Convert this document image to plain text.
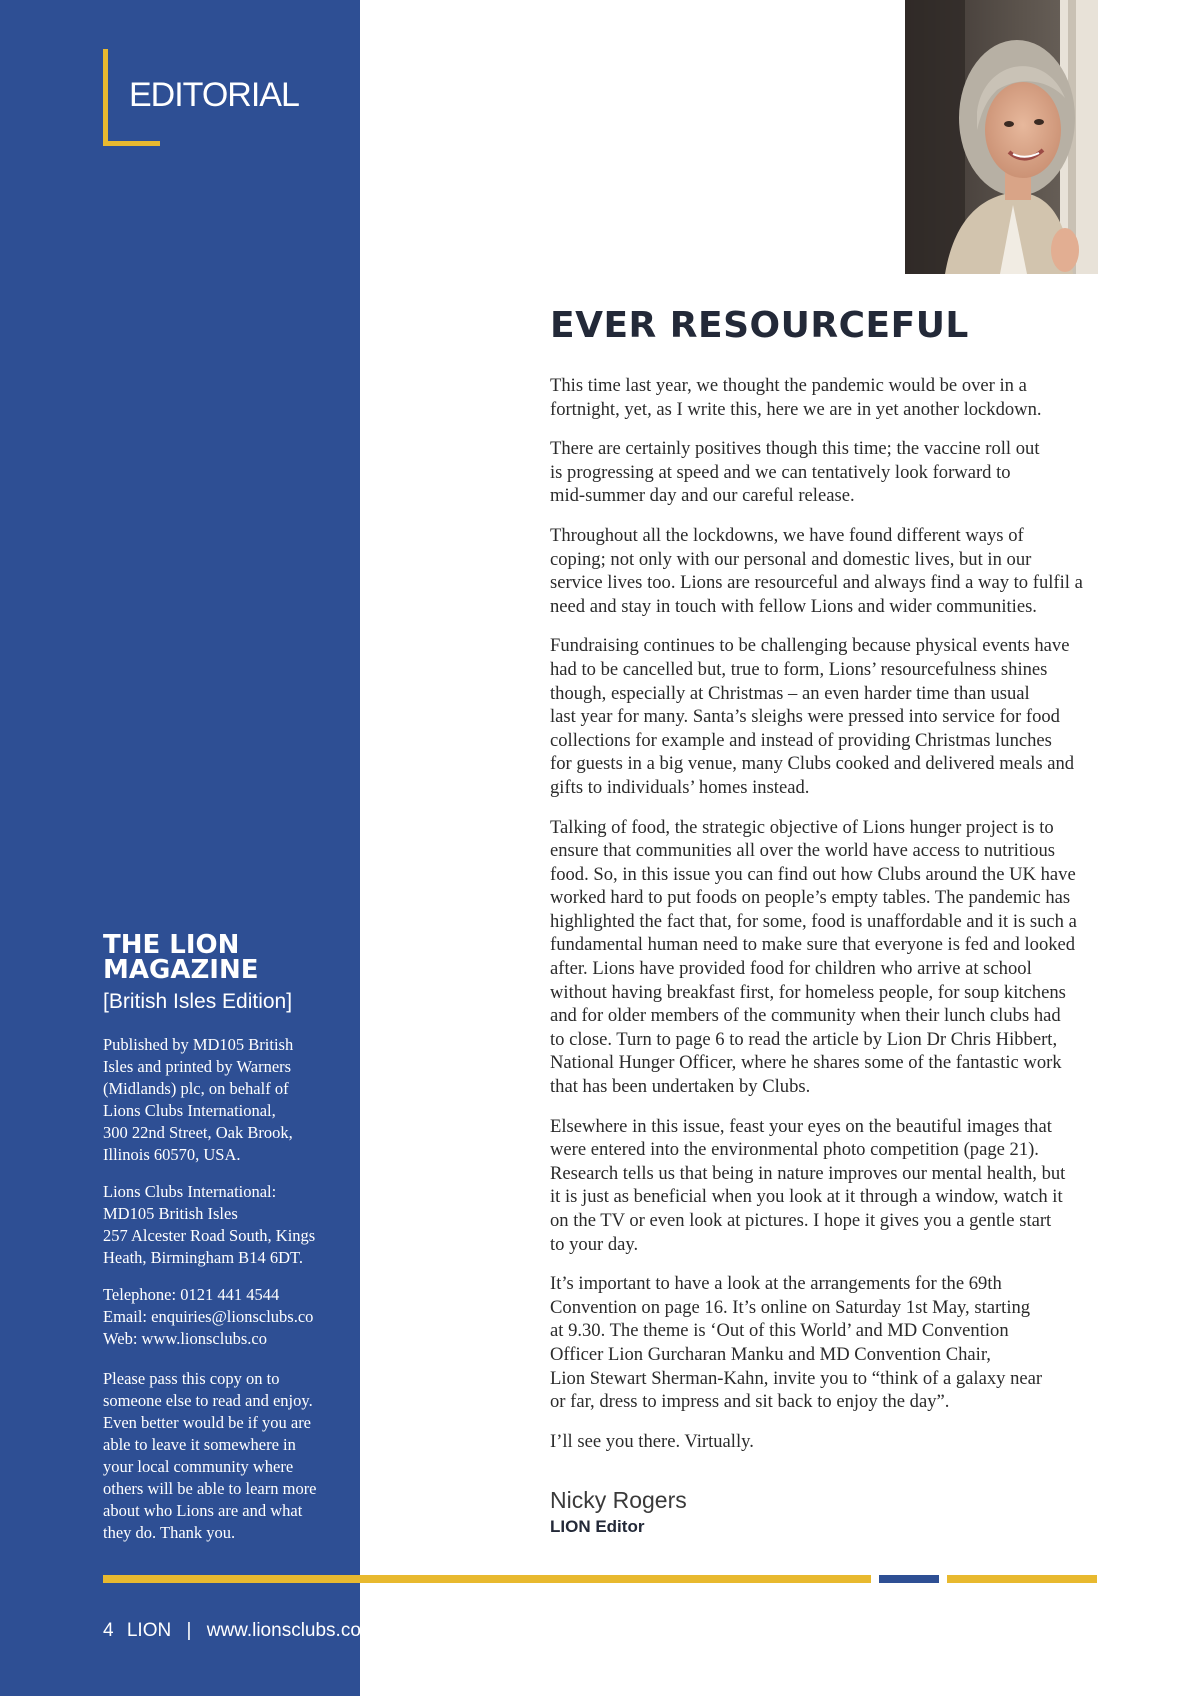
EDITORIAL
THE LION
MAGAZINE
[British Isles Edition]
Published by MD105 British
Isles and printed by Warners
(Midlands) plc, on behalf of
Lions Clubs International,
300 22nd Street, Oak Brook,
Illinois 60570, USA.
Lions Clubs International:
MD105 British Isles
257 Alcester Road South, Kings
Heath, Birmingham B14 6DT.
Telephone: 0121 441 4544
Email: enquiries@lionsclubs.co
Web: www.lionsclubs.co
Please pass this copy on to
someone else to read and enjoy.
Even better would be if you are
able to leave it somewhere in
your local community where
others will be able to learn more
about who Lions are and what
they do. Thank you.
4 LION | www.lionsclubs.co
EVER RESOURCEFUL

This time last year, we thought the pandemic would be over in a
fortnight, yet, as I write this, here we are in yet another lockdown.

There are certainly positives though this time; the vaccine roll out
is progressing at speed and we can tentatively look forward to
mid-summer day and our careful release.

Throughout all the lockdowns, we have found different ways of
coping; not only with our personal and domestic lives, but in our
service lives too. Lions are resourceful and always find a way to fulfil a
need and stay in touch with fellow Lions and wider communities.

Fundraising continues to be challenging because physical events have
had to be cancelled but, true to form, Lions’ resourcefulness shines
though, especially at Christmas – an even harder time than usual
last year for many. Santa’s sleighs were pressed into service for food
collections for example and instead of providing Christmas lunches
for guests in a big venue, many Clubs cooked and delivered meals and
gifts to individuals’ homes instead.

Talking of food, the strategic objective of Lions hunger project is to
ensure that communities all over the world have access to nutritious
food. So, in this issue you can find out how Clubs around the UK have
worked hard to put foods on people’s empty tables. The pandemic has
highlighted the fact that, for some, food is unaffordable and it is such a
fundamental human need to make sure that everyone is fed and looked
after. Lions have provided food for children who arrive at school
without having breakfast first, for homeless people, for soup kitchens
and for older members of the community when their lunch clubs had
to close. Turn to page 6 to read the article by Lion Dr Chris Hibbert,
National Hunger Officer, where he shares some of the fantastic work
that has been undertaken by Clubs.

Elsewhere in this issue, feast your eyes on the beautiful images that
were entered into the environmental photo competition (page 21).
Research tells us that being in nature improves our mental health, but
it is just as beneficial when you look at it through a window, watch it
on the TV or even look at pictures. I hope it gives you a gentle start
to your day.

It’s important to have a look at the arrangements for the 69th
Convention on page 16. It’s online on Saturday 1st May, starting
at 9.30. The theme is ‘Out of this World’ and MD Convention
Officer Lion Gurcharan Manku and MD Convention Chair,
Lion Stewart Sherman-Kahn, invite you to “think of a galaxy near
or far, dress to impress and sit back to enjoy the day”.

I’ll see you there. Virtually.

Nicky Rogers
LION Editor
